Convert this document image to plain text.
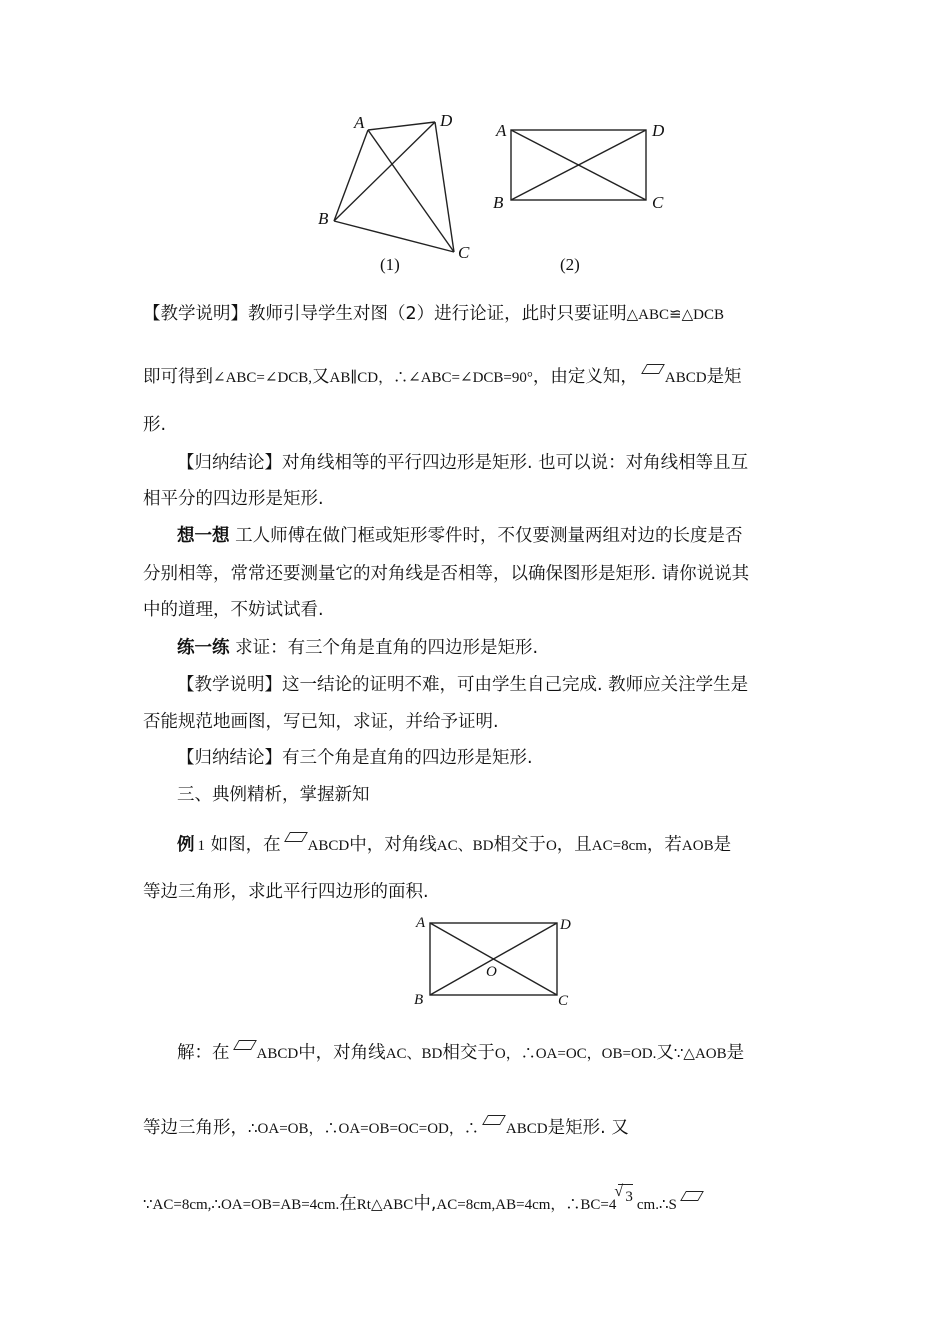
A	D
B
C
(1)
A	D
B	C
(2)
【教学说明】教师引导学生对图（2）进行论证，此时只要证明△ABC≌△DCB
即可得到∠ABC=∠DCB,又AB∥CD，∴∠ABC=∠DCB=90°，由定义知， ABCD是矩
形.
【归纳结论】对角线相等的平行四边形是矩形. 也可以说：对角线相等且互
相平分的四边形是矩形.
想一想 工人师傅在做门框或矩形零件时，不仅要测量两组对边的长度是否
分别相等，常常还要测量它的对角线是否相等，以确保图形是矩形. 请你说说其
中的道理，不妨试试看.
练一练 求证：有三个角是直角的四边形是矩形.
【教学说明】这一结论的证明不难，可由学生自己完成. 教师应关注学生是
否能规范地画图，写已知，求证，并给予证明.
【归纳结论】有三个角是直角的四边形是矩形.
三、典例精析，掌握新知
例 1 如图，在 ABCD中，对角线AC、BD相交于O，且AC=8cm，若AOB是
等边三角形，求此平行四边形的面积.
A	D
B	C
O
解：在 ABCD中，对角线AC、BD相交于O，∴OA=OC，OB=OD.又∵△AOB是
等边三角形，∴OA=OB，∴OA=OB=OC=OD，∴ ABCD是矩形. 又
∵AC=8cm,∴OA=OB=AB=4cm.在Rt△ABC中,AC=8cm,AB=4cm，∴BC=4√ 3 cm.∴S
